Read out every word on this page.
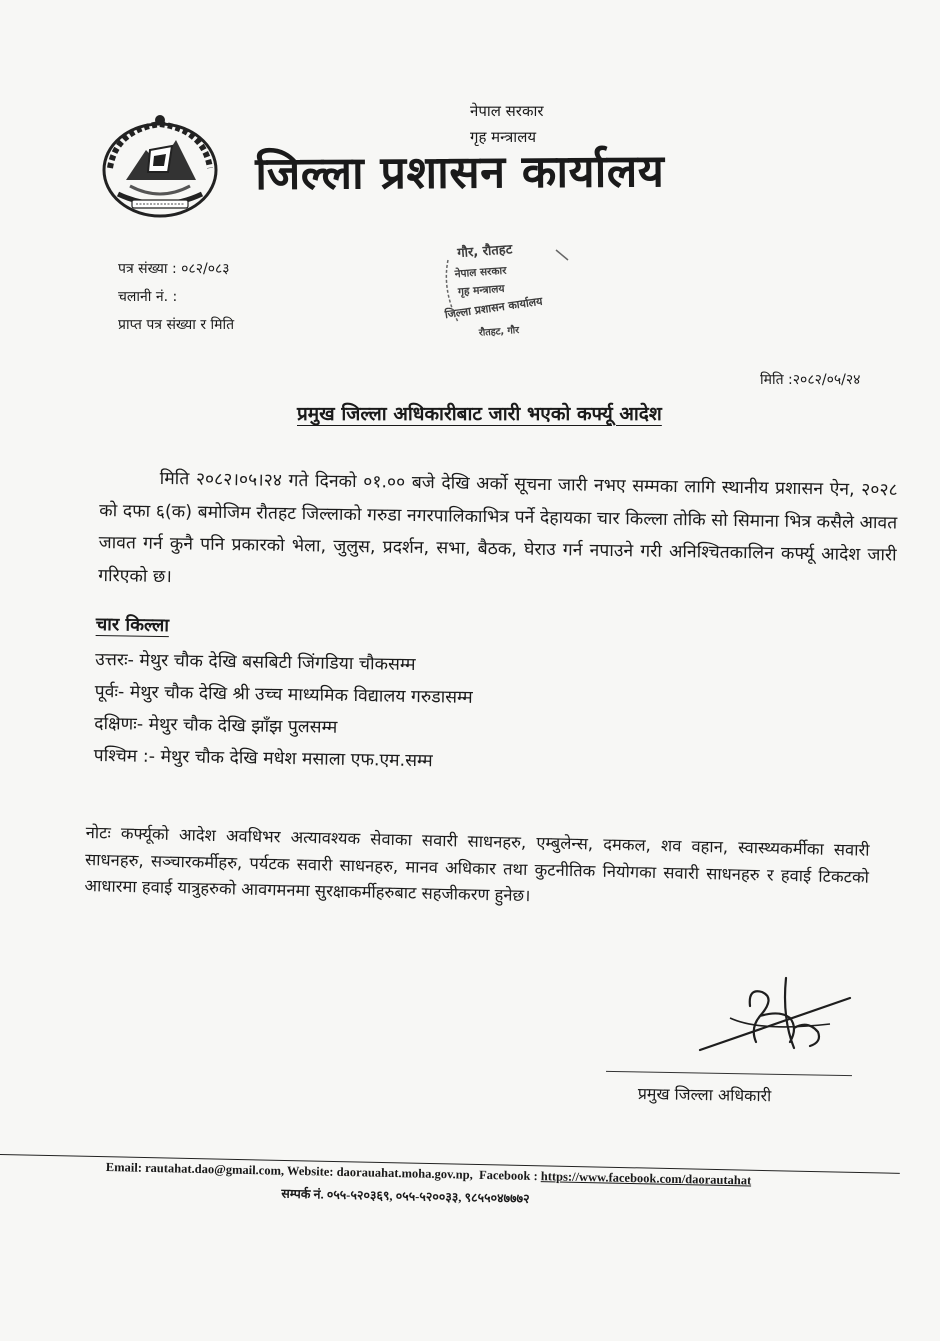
नेपाल सरकार
गृह मन्त्रालय
जिल्ला प्रशासन कार्यालय
पत्र संख्या : ०८२/०८३
चलानी नं. :
प्राप्त पत्र संख्या र मिति
गौर, रौतहट
नेपाल सरकार
गृह मन्त्रालय
जिल्ला प्रशासन कार्यालय
रौतहट, गौर
मिति :२०८२/०५/२४
प्रमुख जिल्ला अधिकारीबाट जारी भएको कर्फ्यू आदेश
मिति २०८२।०५।२४ गते दिनको ०१.०० बजे देखि अर्को सूचना जारी नभए सम्मका लागि स्थानीय प्रशासन ऐन, २०२८ को दफा ६(क) बमोजिम रौतहट जिल्लाको गरुडा नगरपालिकाभित्र पर्ने देहायका चार किल्ला तोकि सो सिमाना भित्र कसैले आवत जावत गर्न कुनै पनि प्रकारको भेला, जुलुस, प्रदर्शन, सभा, बैठक, घेराउ गर्न नपाउने गरी अनिश्चितकालिन कर्फ्यू आदेश जारी गरिएको छ।
चार किल्ला
उत्तरः- मेथुर चौक देखि बसबिटी जिंगडिया चौकसम्म
पूर्वः- मेथुर चौक देखि श्री उच्च माध्यमिक विद्यालय गरुडासम्म
दक्षिणः- मेथुर चौक देखि झाँझ पुलसम्म
पश्चिम :- मेथुर चौक देखि मधेश मसाला एफ.एम.सम्म
नोटः कर्फ्यूको आदेश अवधिभर अत्यावश्यक सेवाका सवारी साधनहरु, एम्बुलेन्स, दमकल, शव वहान, स्वास्थ्यकर्मीका सवारी साधनहरु, सञ्चारकर्मीहरु, पर्यटक सवारी साधनहरु, मानव अधिकार तथा कुटनीतिक नियोगका सवारी साधनहरु र हवाई टिकटको आधारमा हवाई यात्रुहरुको आवगमनमा सुरक्षाकर्मीहरुबाट सहजीकरण हुनेछ।
प्रमुख जिल्ला अधिकारी
Email: rautahat.dao@gmail.com, Website: daorauahat.moha.gov.np,  Facebook : https://www.facebook.com/daorautahat
सम्पर्क नं. ०५५-५२०३६९, ०५५-५२००३३, ९८५५०४७७७२
